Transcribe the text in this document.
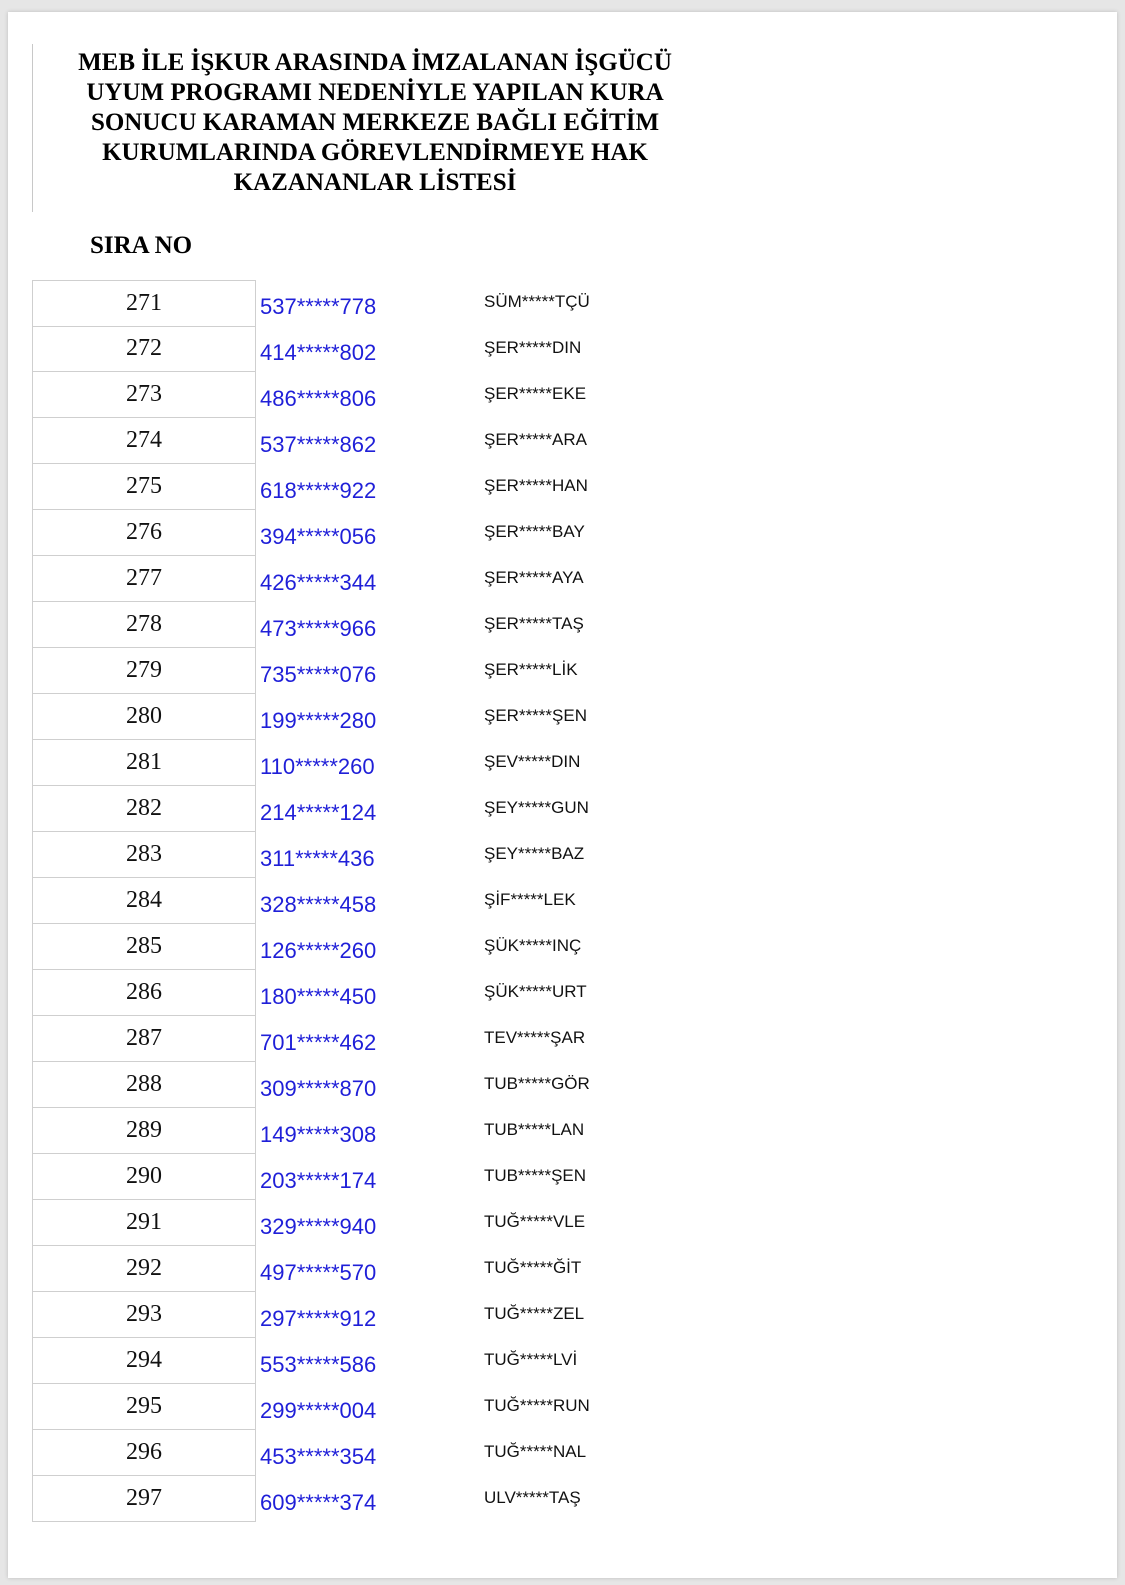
MEB İLE İŞKUR ARASINDA İMZALANAN İŞGÜCÜ
UYUM PROGRAMI NEDENİYLE YAPILAN KURA
SONUCU KARAMAN MERKEZE BAĞLI EĞİTİM
KURUMLARINDA GÖREVLENDİRMEYE HAK
KAZANANLAR LİSTESİ

SIRA NO

271	537*****778	SÜM*****TÇÜ
272	414*****802	ŞER*****DIN
273	486*****806	ŞER*****EKE
274	537*****862	ŞER*****ARA
275	618*****922	ŞER*****HAN
276	394*****056	ŞER*****BAY
277	426*****344	ŞER*****AYA
278	473*****966	ŞER*****TAŞ
279	735*****076	ŞER*****LİK
280	199*****280	ŞER*****ŞEN
281	110*****260	ŞEV*****DIN
282	214*****124	ŞEY*****GUN
283	311*****436	ŞEY*****BAZ
284	328*****458	ŞİF*****LEK
285	126*****260	ŞÜK*****INÇ
286	180*****450	ŞÜK*****URT
287	701*****462	TEV*****ŞAR
288	309*****870	TUB*****GÖR
289	149*****308	TUB*****LAN
290	203*****174	TUB*****ŞEN
291	329*****940	TUĞ*****VLE
292	497*****570	TUĞ*****ĞİT
293	297*****912	TUĞ*****ZEL
294	553*****586	TUĞ*****LVİ
295	299*****004	TUĞ*****RUN
296	453*****354	TUĞ*****NAL
297	609*****374	ULV*****TAŞ
